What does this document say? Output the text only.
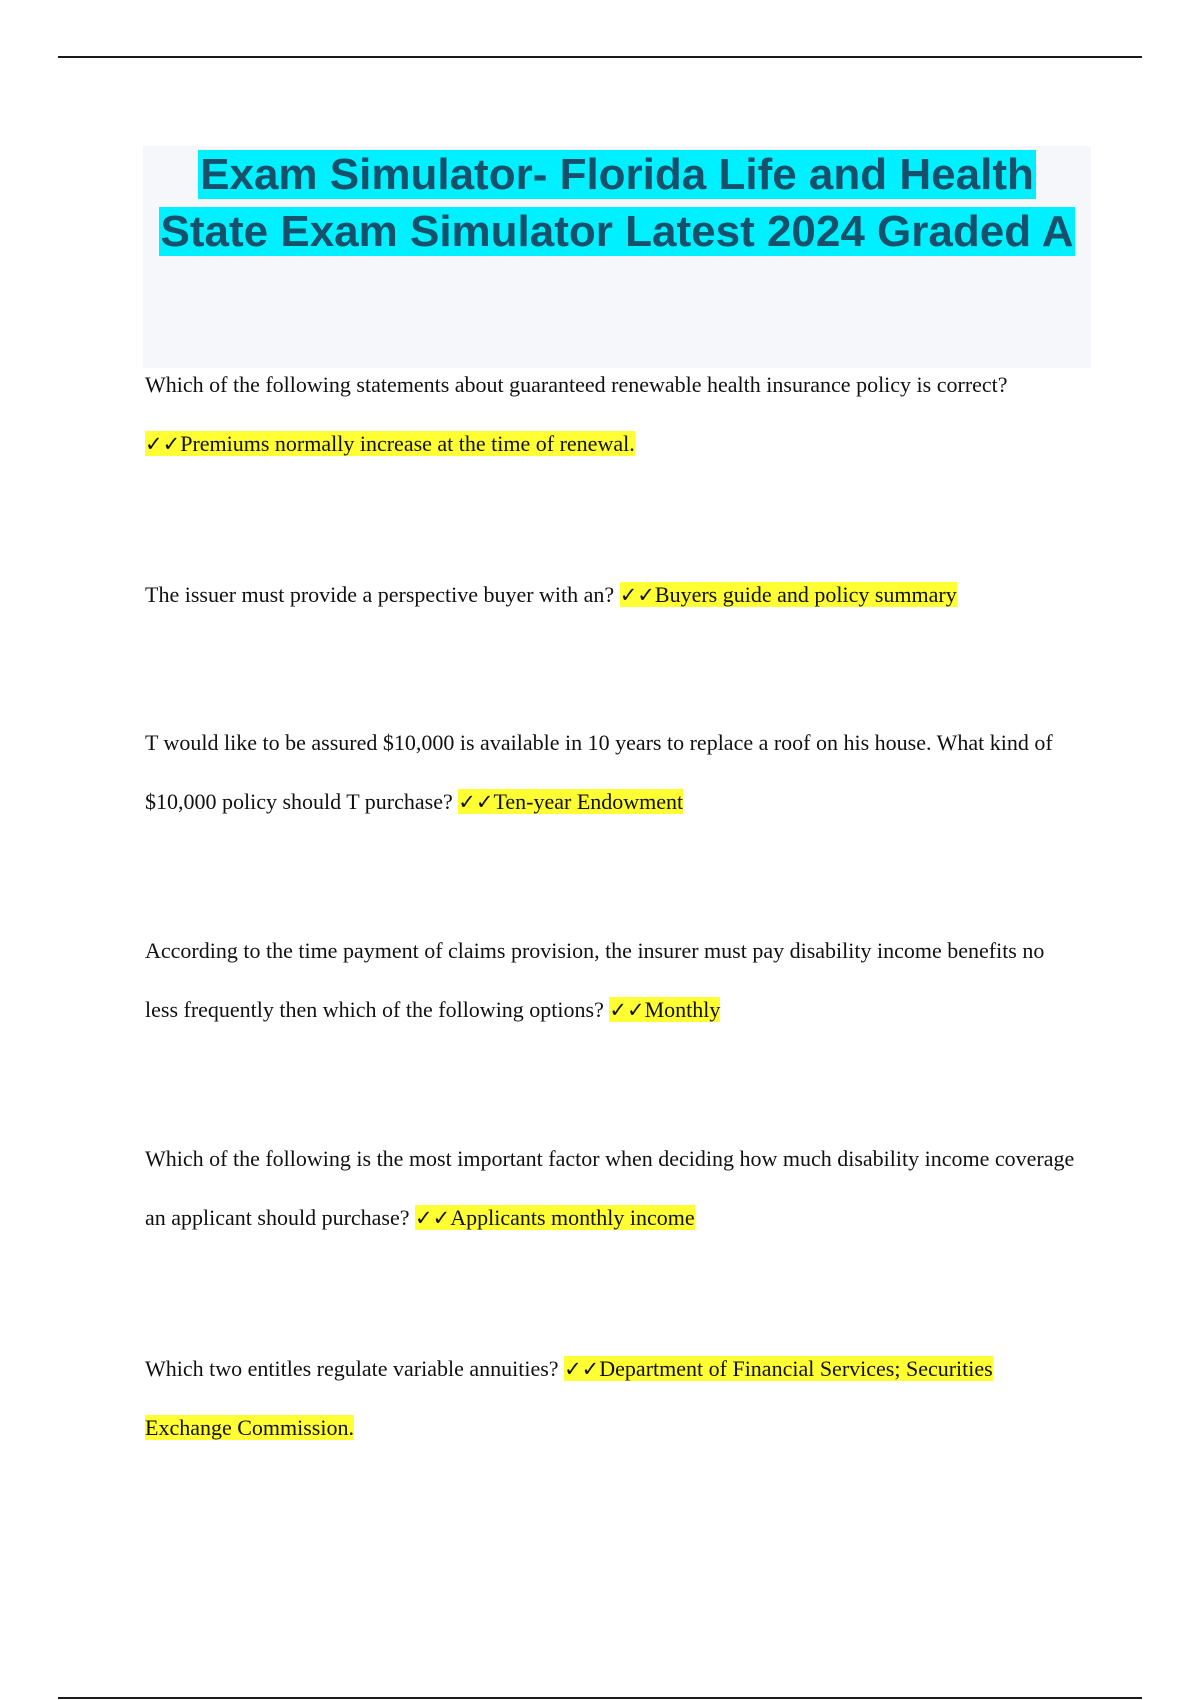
Exam Simulator- Florida Life and Health State Exam Simulator Latest 2024 Graded A

Which of the following statements about guaranteed renewable health insurance policy is correct? ✓✓Premiums normally increase at the time of renewal.

The issuer must provide a perspective buyer with an? ✓✓Buyers guide and policy summary

T would like to be assured $10,000 is available in 10 years to replace a roof on his house. What kind of $10,000 policy should T purchase? ✓✓Ten-year Endowment

According to the time payment of claims provision, the insurer must pay disability income benefits no less frequently then which of the following options? ✓✓Monthly

Which of the following is the most important factor when deciding how much disability income coverage an applicant should purchase? ✓✓Applicants monthly income

Which two entitles regulate variable annuities? ✓✓Department of Financial Services; Securities Exchange Commission.
